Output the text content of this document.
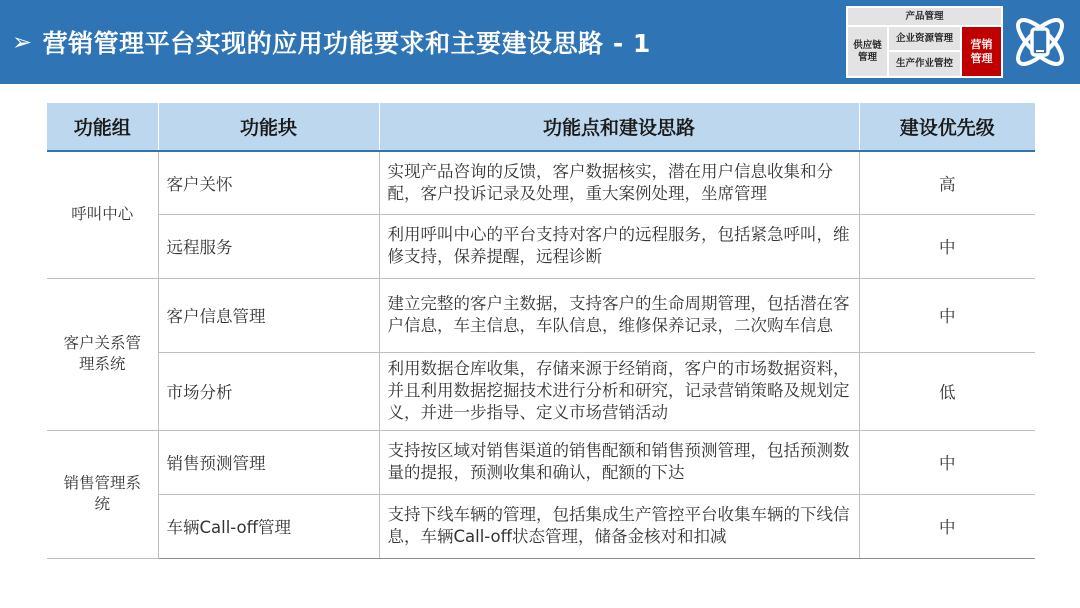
➢ 营销管理平台实现的应用功能要求和主要建设思路 - 1
产品管理
供应链管理
企业资源管理
生产作业管控
营销管理
功能组	功能块	功能点和建设思路	建设优先级
呼叫中心	客户关怀	实现产品咨询的反馈，客户数据核实，潜在用户信息收集和分配，客户投诉记录及处理，重大案例处理，坐席管理	高
	远程服务	利用呼叫中心的平台支持对客户的远程服务，包括紧急呼叫，维修支持，保养提醒，远程诊断	中

客户关系管理系统	客户信息管理	建立完整的客户主数据，支持客户的生命周期管理，包括潜在客户信息，车主信息，车队信息，维修保养记录，二次购车信息	中
	市场分析	利用数据仓库收集，存储来源于经销商，客户的市场数据资料，并且利用数据挖掘技术进行分析和研究，记录营销策略及规划定义，并进一步指导、定义市场营销活动	低

销售管理系统	销售预测管理	支持按区域对销售渠道的销售配额和销售预测管理，包括预测数量的提报，预测收集和确认，配额的下达	中
	车辆Call-off管理	支持下线车辆的管理，包括集成生产管控平台收集车辆的下线信息，车辆Call-off状态管理，储备金核对和扣减	中
